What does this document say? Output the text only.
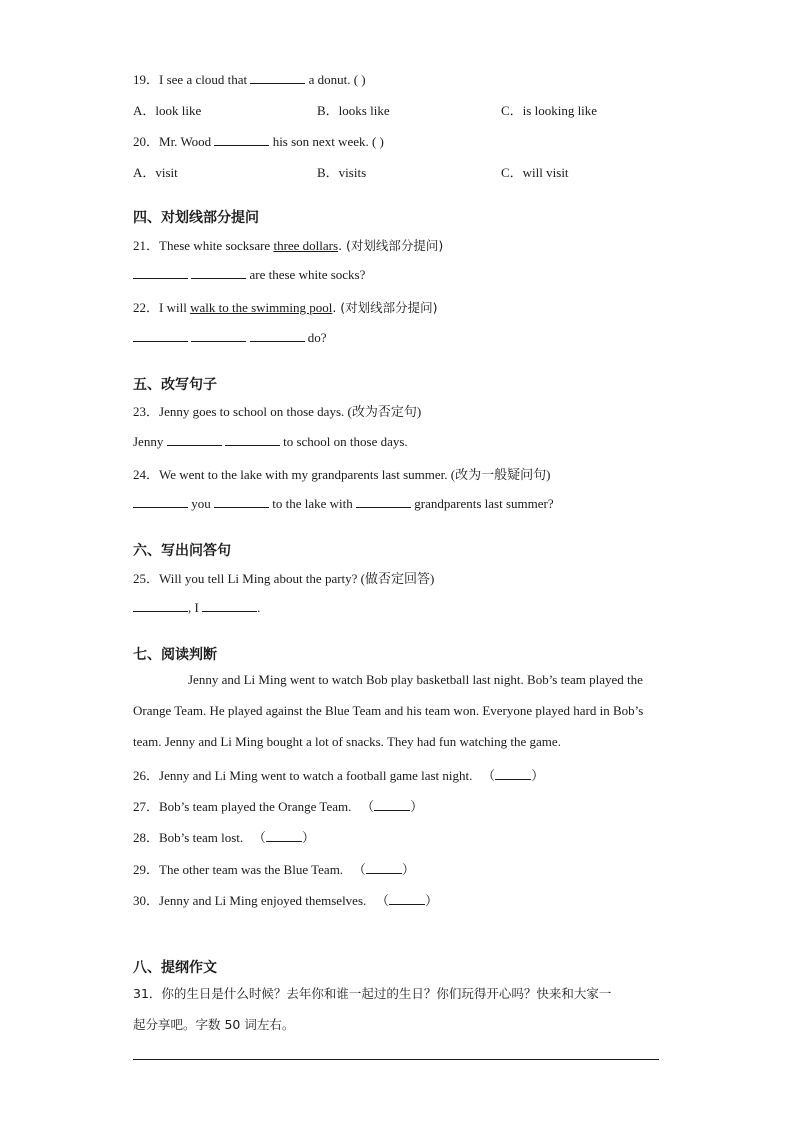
19．I see a cloud that	a donut. ( )
A．look like	B．looks like	C．is looking like
20．Mr. Wood	his son next week. ( )
A．visit	B．visits	C．will visit
四、对划线部分提问
21．These white socksare three dollars. (对划线部分提问)
are these white socks?
22．I will walk to the swimming pool. (对划线部分提问)
do?
五、改写句子
23．Jenny goes to school on those days. (改为否定句)
Jenny	to school on those days.
24．We went to the lake with my grandparents last summer. (改为一般疑问句)
you	to the lake with	grandparents last summer?
六、写出问答句
25．Will you tell Li Ming about the party? (做否定回答)
, I	.
七、阅读判断
Jenny and Li Ming went to watch Bob play basketball last night. Bob’s team played the Orange Team. He played against the Blue Team and his team won. Everyone played hard in Bob’s team. Jenny and Li Ming bought a lot of snacks. They had fun watching the game.
26．Jenny and Li Ming went to watch a football game last night.   （	）
27．Bob’s team played the Orange Team.   （	）
28．Bob’s team lost.   （	）
29．The other team was the Blue Team.   （	）
30．Jenny and Li Ming enjoyed themselves.   （	）
八、提纲作文
31．你的生日是什么时候？去年你和谁一起过的生日？你们玩得开心吗？快来和大家一
起分享吧。字数 50 词左右。
